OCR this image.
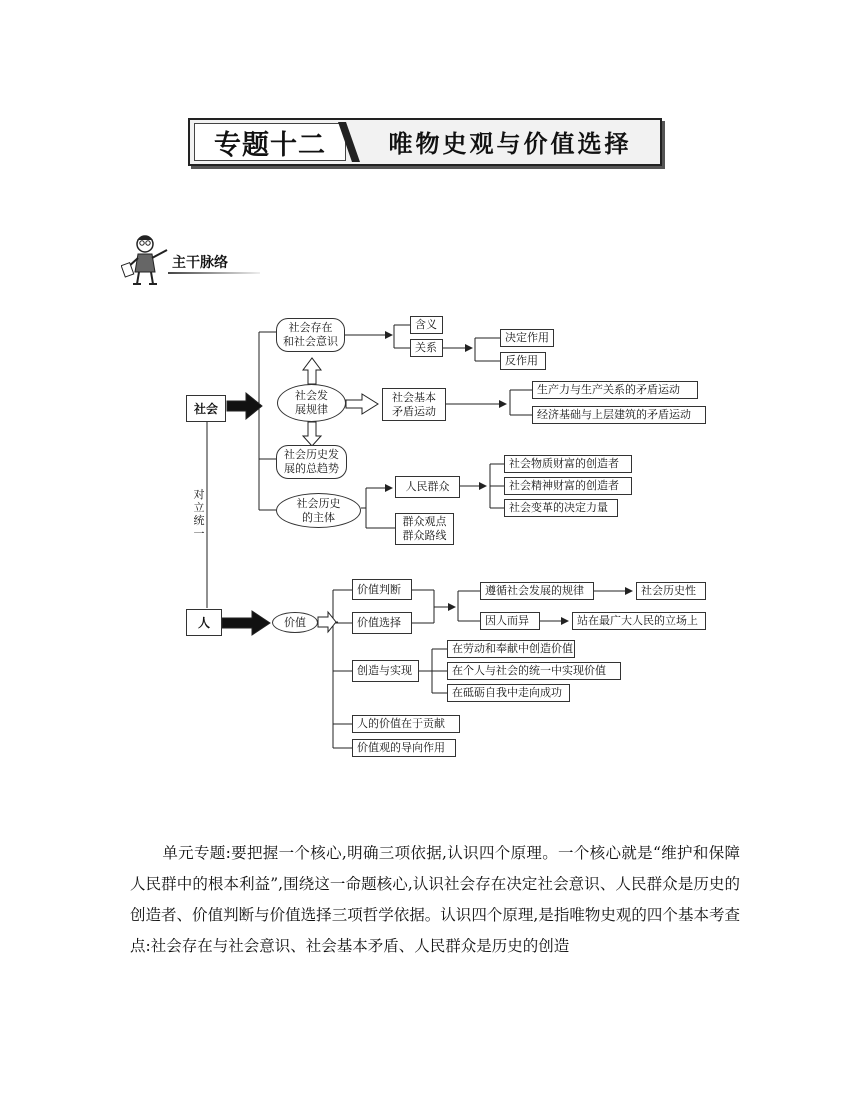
专题十二	唯物史观与价值选择
主干脉络
社会
人
对 立 统 一
社会存在
和社会意识
含义
关系
决定作用
反作用
社会发
展规律
社会基本
矛盾运动
生产力与生产关系的矛盾运动
经济基础与上层建筑的矛盾运动
社会历史发
展的总趋势
社会历史
的主体
人民群众
群众观点
群众路线
社会物质财富的创造者
社会精神财富的创造者
社会变革的决定力量
价值
价值判断
价值选择
遵循社会发展的规律	社会历史性
因人而异	站在最广大人民的立场上
创造与实现
在劳动和奉献中创造价值
在个人与社会的统一中实现价值
在砥砺自我中走向成功
人的价值在于贡献
价值观的导向作用
单元专题:要把握一个核心,明确三项依据,认识四个原理。一个核心就是“维护和保障人民群中的根本利益”,围绕这一命题核心,认识社会存在决定社会意识、人民群众是历史的创造者、价值判断与价值选择三项哲学依据。认识四个原理,是指唯物史观的四个基本考查点:社会存在与社会意识、社会基本矛盾、人民群众是历史的创造
